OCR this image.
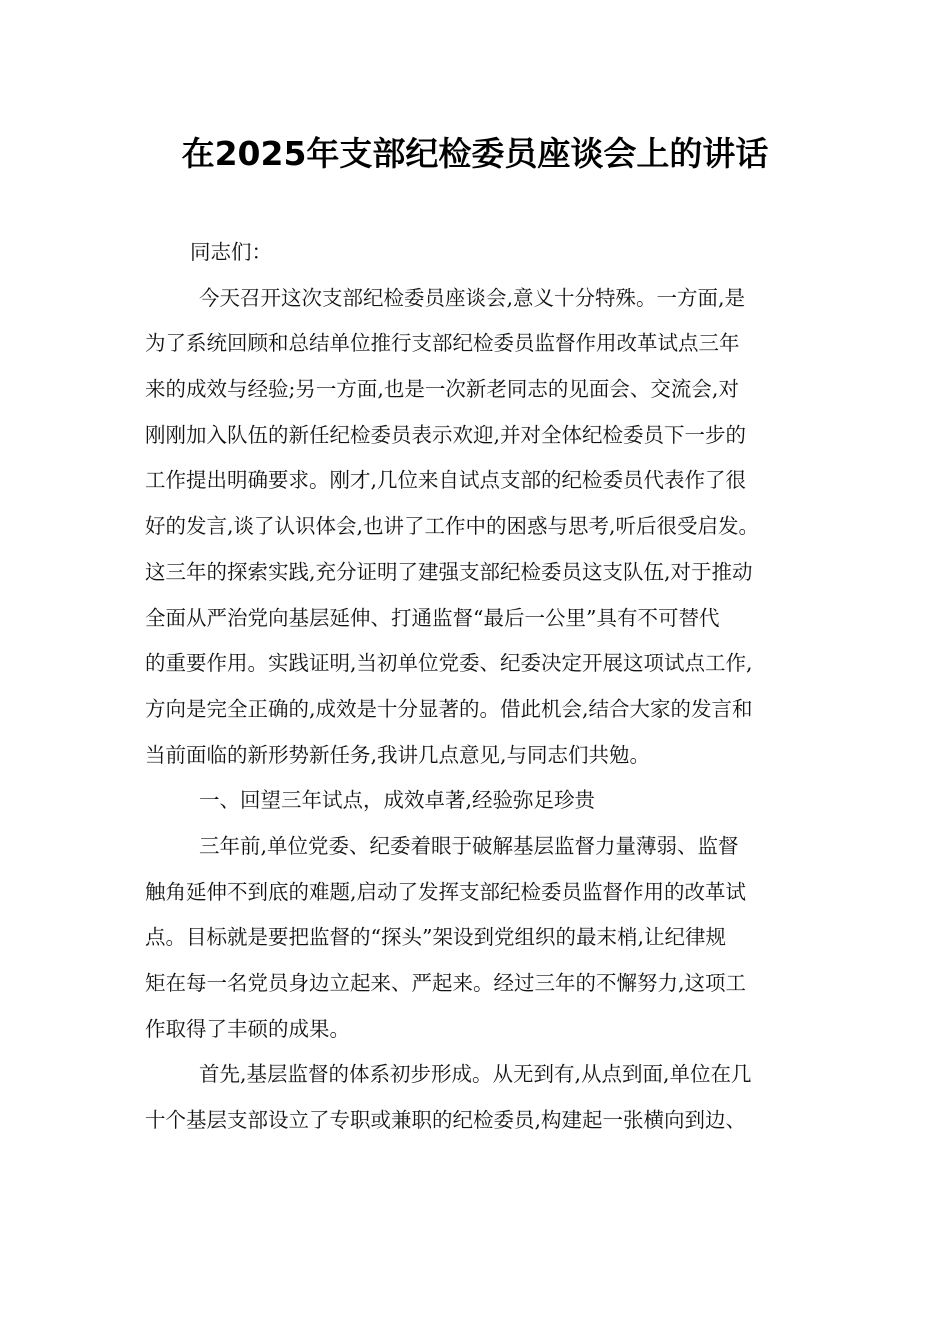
在2025年支部纪检委员座谈会上的讲话
同志们：
今天召开这次支部纪检委员座谈会,意义十分特殊。一方面,是
为了系统回顾和总结单位推行支部纪检委员监督作用改革试点三年
来的成效与经验;另一方面,也是一次新老同志的见面会、交流会,对
刚刚加入队伍的新任纪检委员表示欢迎,并对全体纪检委员下一步的
工作提出明确要求。刚才,几位来自试点支部的纪检委员代表作了很
好的发言,谈了认识体会,也讲了工作中的困惑与思考,听后很受启发。
这三年的探索实践,充分证明了建强支部纪检委员这支队伍,对于推动
全面从严治党向基层延伸、打通监督“最后一公里”具有不可替代
的重要作用。实践证明,当初单位党委、纪委决定开展这项试点工作,
方向是完全正确的,成效是十分显著的。借此机会,结合大家的发言和
当前面临的新形势新任务,我讲几点意见,与同志们共勉。
一、回望三年试点，成效卓著,经验弥足珍贵
三年前,单位党委、纪委着眼于破解基层监督力量薄弱、监督
触角延伸不到底的难题,启动了发挥支部纪检委员监督作用的改革试
点。目标就是要把监督的“探头”架设到党组织的最末梢,让纪律规
矩在每一名党员身边立起来、严起来。经过三年的不懈努力,这项工
作取得了丰硕的成果。
首先,基层监督的体系初步形成。从无到有,从点到面,单位在几
十个基层支部设立了专职或兼职的纪检委员,构建起一张横向到边、
